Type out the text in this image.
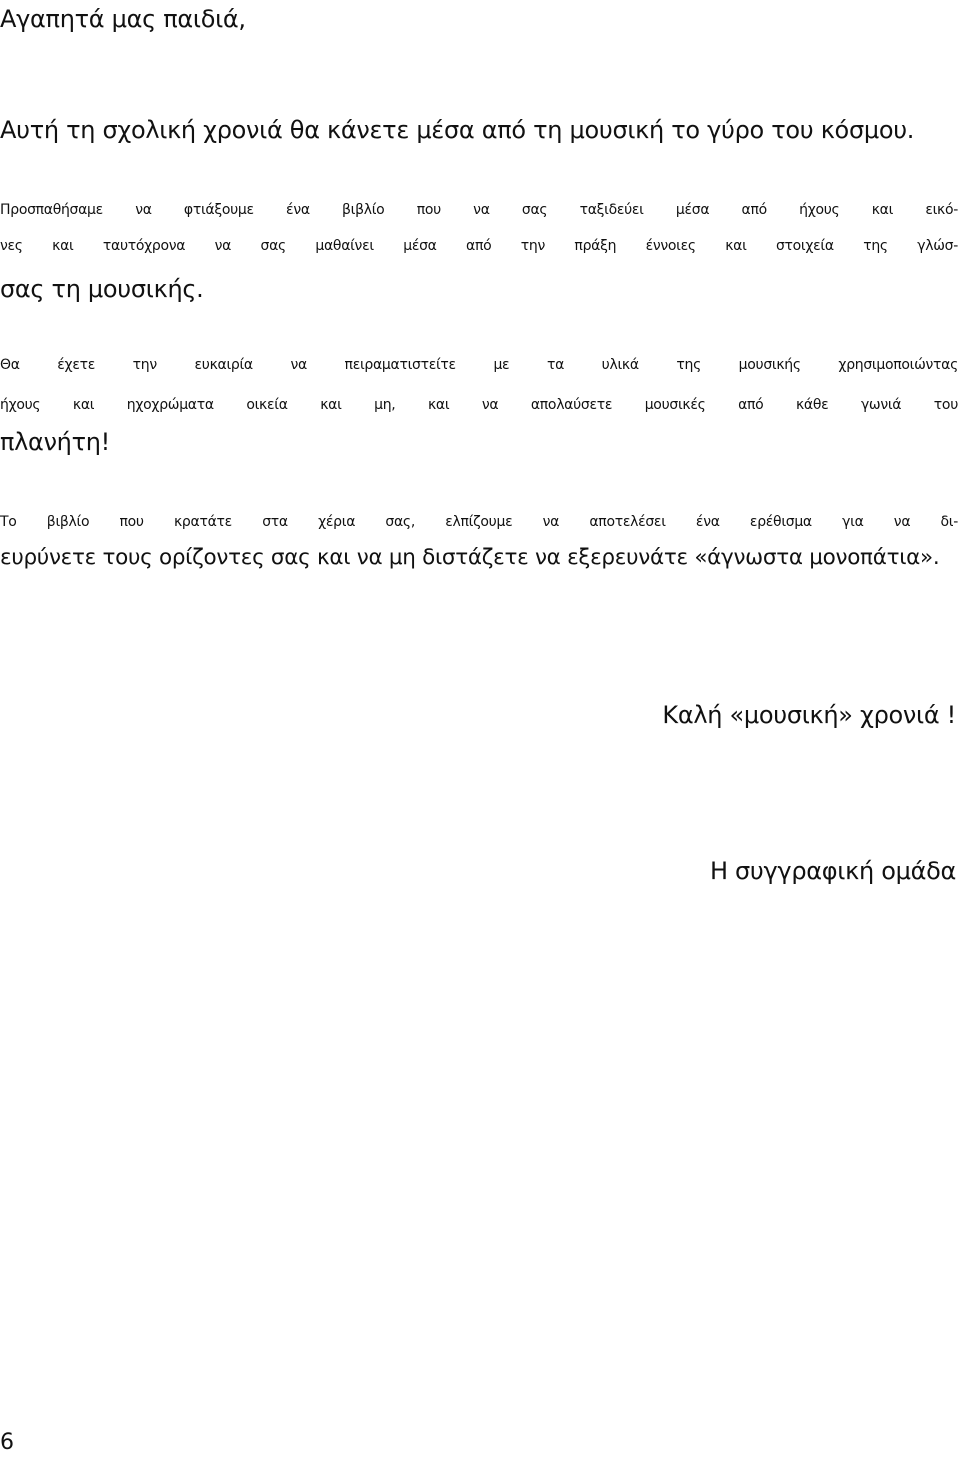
Αγαπητά μας παιδιά,

Αυτή τη σχολική χρονιά θα κάνετε μέσα από τη μουσική το γύρο του κόσμου.

Προσπαθήσαμε να φτιάξουμε ένα βιβλίο που να σας ταξιδεύει μέσα από ήχους και εικό-

νες και ταυτόχρονα να σας μαθαίνει μέσα από την πράξη έννοιες και στοιχεία της γλώσ-

σας τη μουσικής.

Θα έχετε την ευκαιρία να πειραματιστείτε με τα υλικά της μουσικής χρησιμοποιώντας

ήχους και ηχοχρώματα οικεία και μη, και να απολαύσετε μουσικές από κάθε γωνιά του

πλανήτη!

Το βιβλίο που κρατάτε στα χέρια σας, ελπίζουμε να αποτελέσει ένα ερέθισμα για να δι-

ευρύνετε τους ορίζοντες σας και να μη διστάζετε να εξερευνάτε «άγνωστα μονοπάτια».

Καλή «μουσική» χρονιά !

Η συγγραφική ομάδα

6
